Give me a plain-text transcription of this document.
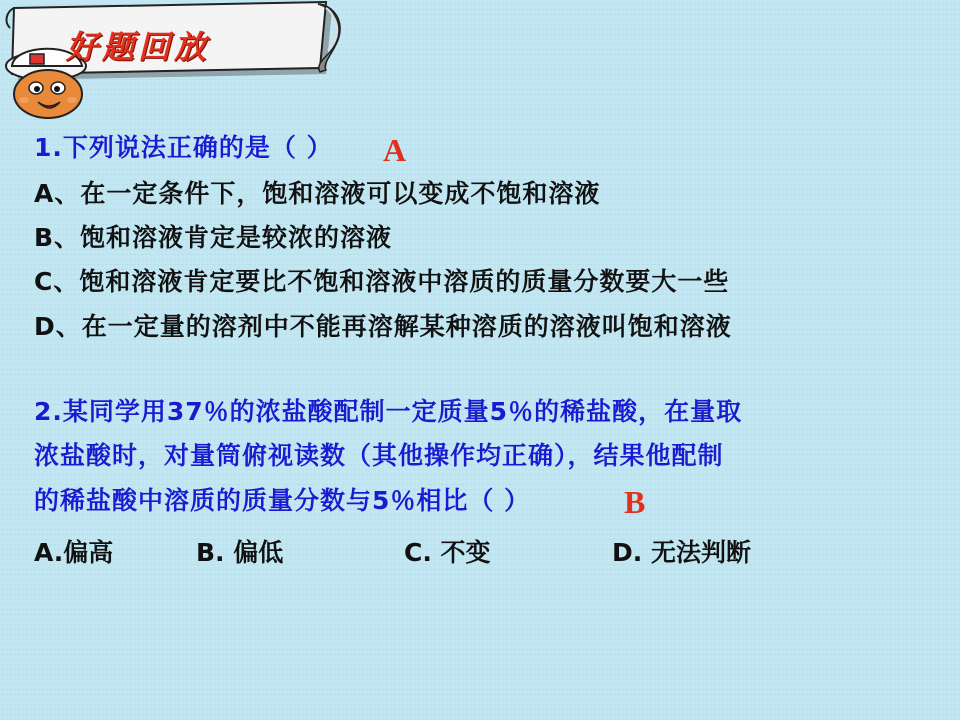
好题回放

1.下列说法正确的是（ ） A

A、在一定条件下，饱和溶液可以变成不饱和溶液

B、饱和溶液肯定是较浓的溶液

C、饱和溶液肯定要比不饱和溶液中溶质的质量分数要大一些

D、在一定量的溶剂中不能再溶解某种溶质的溶液叫饱和溶液

2.某同学用37％的浓盐酸配制一定质量5％的稀盐酸，在量取

浓盐酸时，对量筒俯视读数（其他操作均正确），结果他配制

的稀盐酸中溶质的质量分数与5％相比（ ）	B

A.偏高	B. 偏低	C. 不变	D. 无法判断
